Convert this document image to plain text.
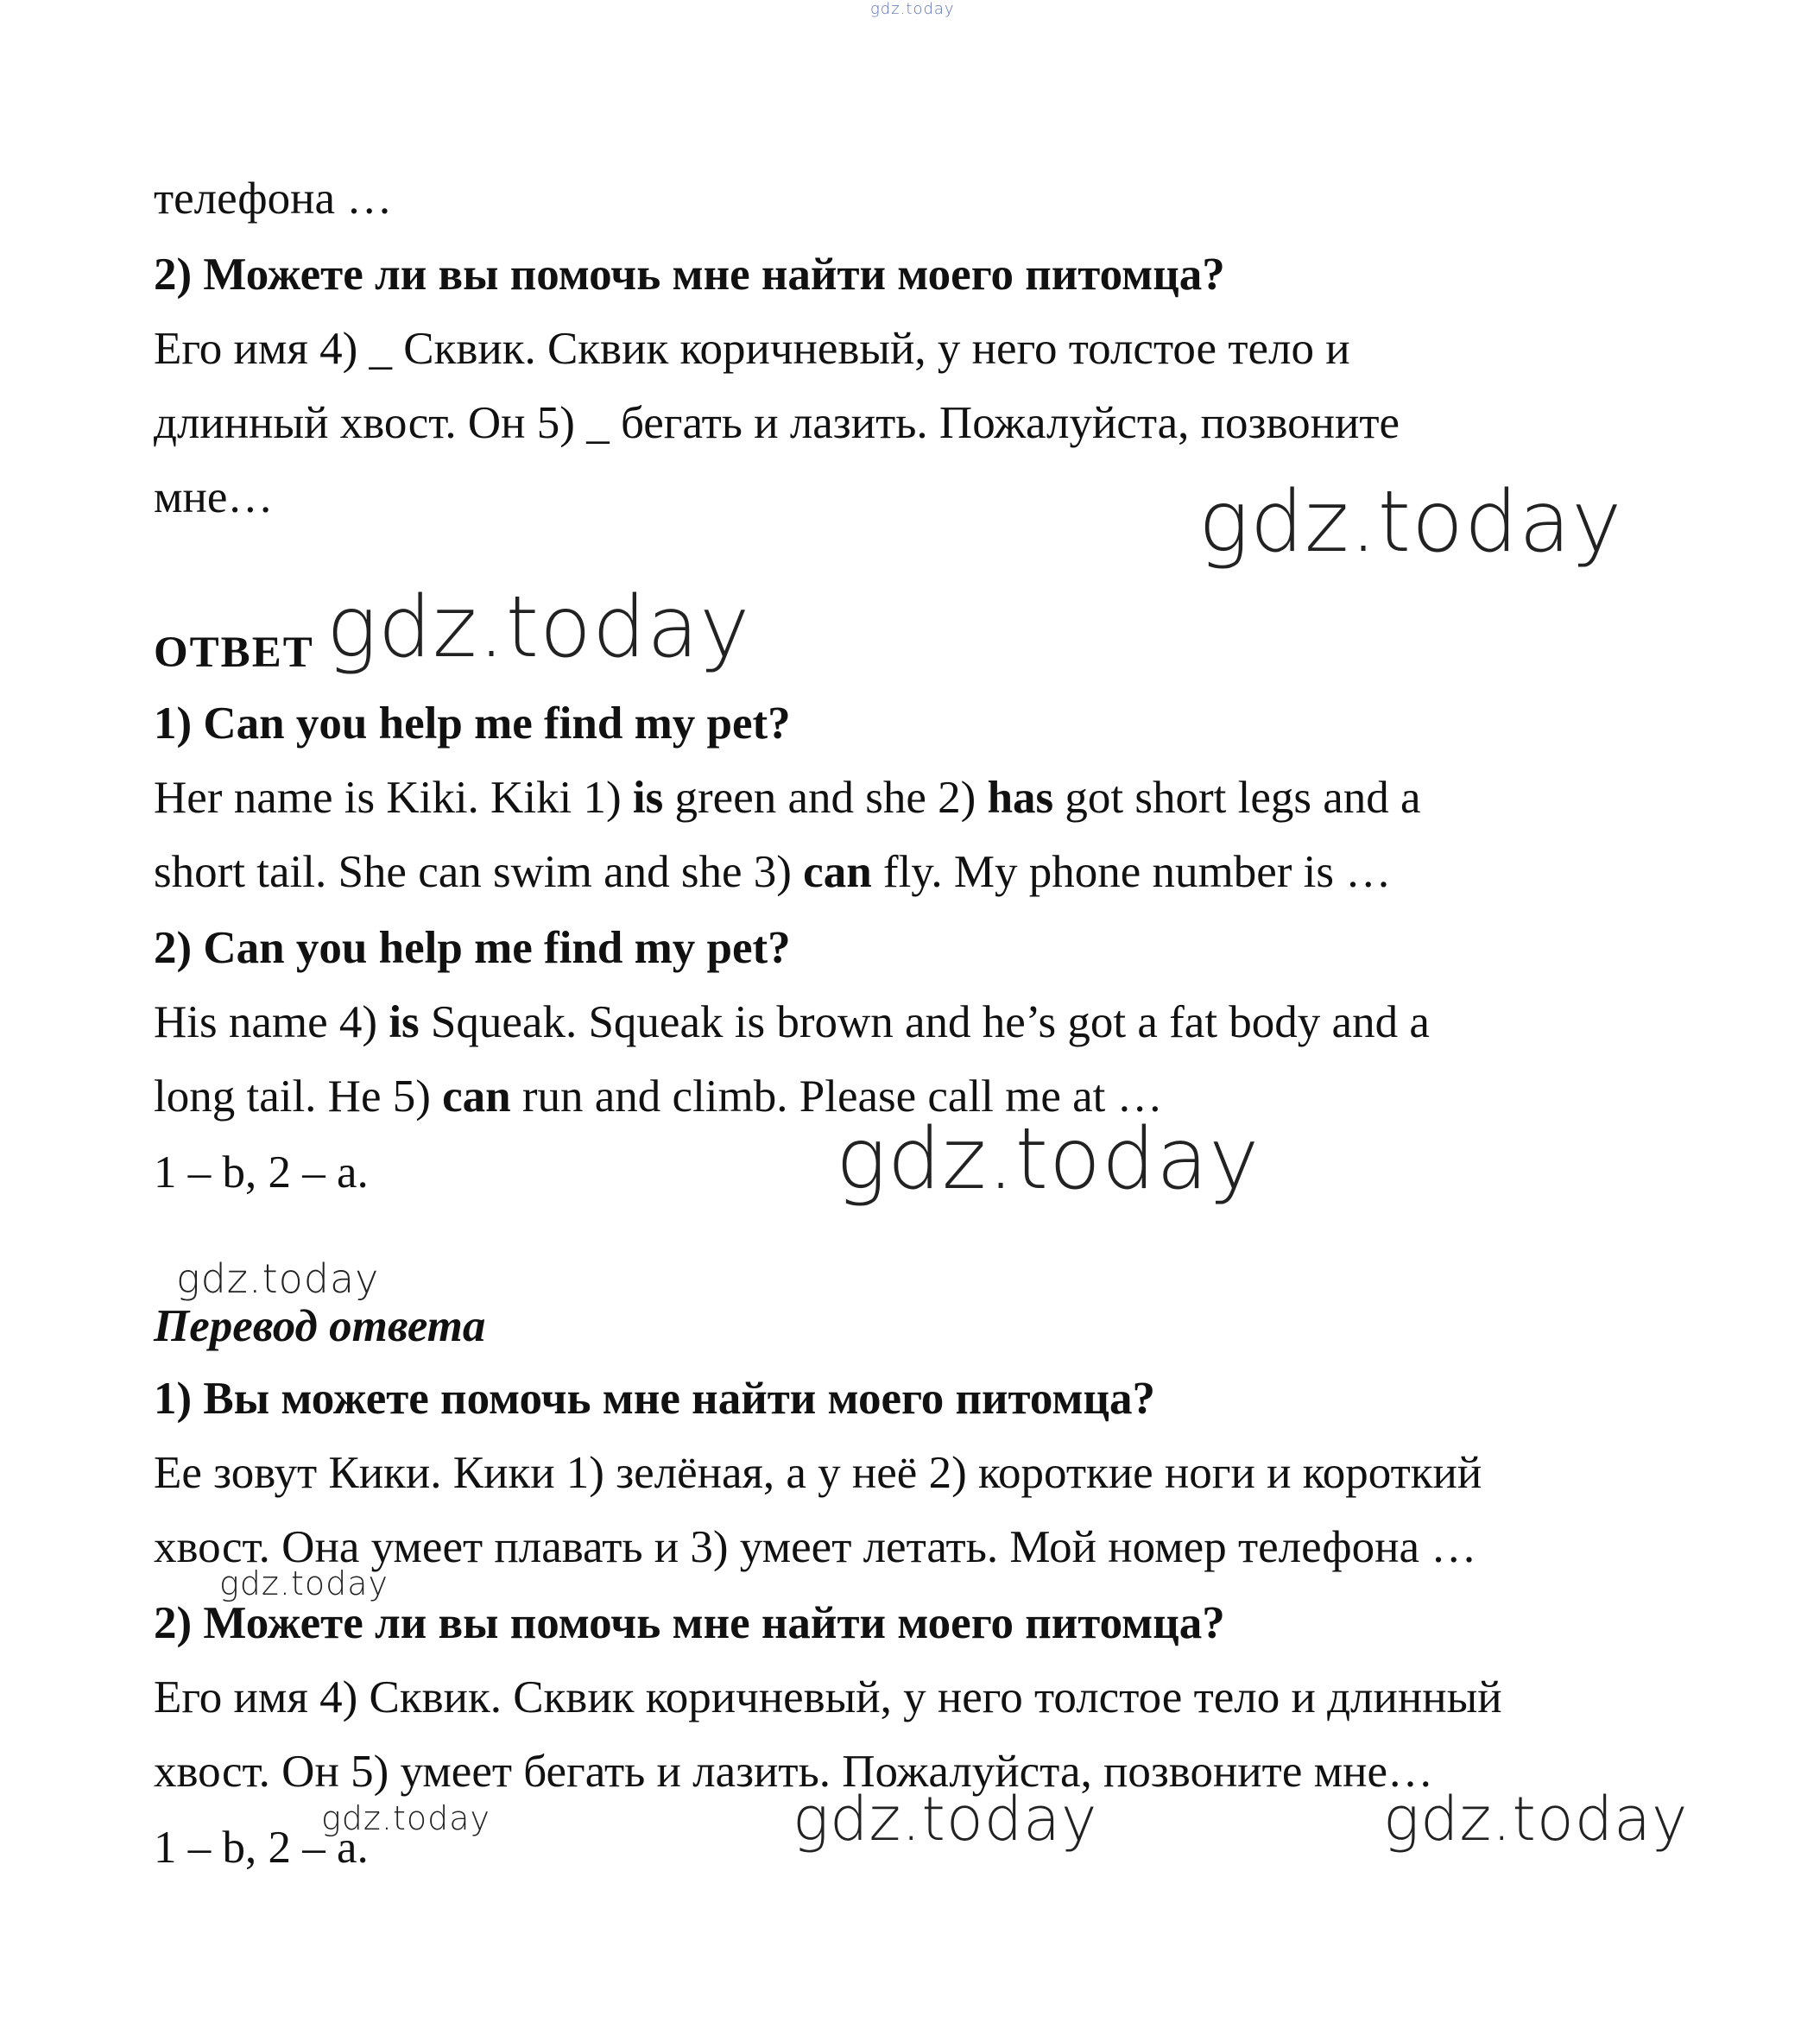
gdz.today

телефона …

2) Можете ли вы помочь мне найти моего питомца?

Его имя 4) _ Сквик. Сквик коричневый, у него толстое тело и

длинный хвост. Он 5) _ бегать и лазить. Пожалуйста, позвоните

мне…	gdz.today

ОТВЕТ gdz.today

1) Can you help me find my pet?

Her name is Kiki. Kiki 1) is green and she 2) has got short legs and a

short tail. She can swim and she 3) can fly. My phone number is …

2) Can you help me find my pet?

His name 4) is Squeak. Squeak is brown and he’s got a fat body and a

long tail. He 5) can run and climb. Please call me at …

1 – b, 2 – a.	gdz.today
gdz.today

Перевод ответа

1) Вы можете помочь мне найти моего питомца?

Ее зовут Кики. Кики 1) зелёная, а у неё 2) короткие ноги и короткий

хвост. Она умеет плавать и 3) умеет летать. Мой номер телефона …

gdz.today

2) Можете ли вы помочь мне найти моего питомца?

Его имя 4) Сквик. Сквик коричневый, у него толстое тело и длинный

хвост. Он 5) умеет бегать и лазить. Пожалуйста, позвоните мне…

1 – b, 2 – a.

gdz.today	gdz.today	gdz.today
